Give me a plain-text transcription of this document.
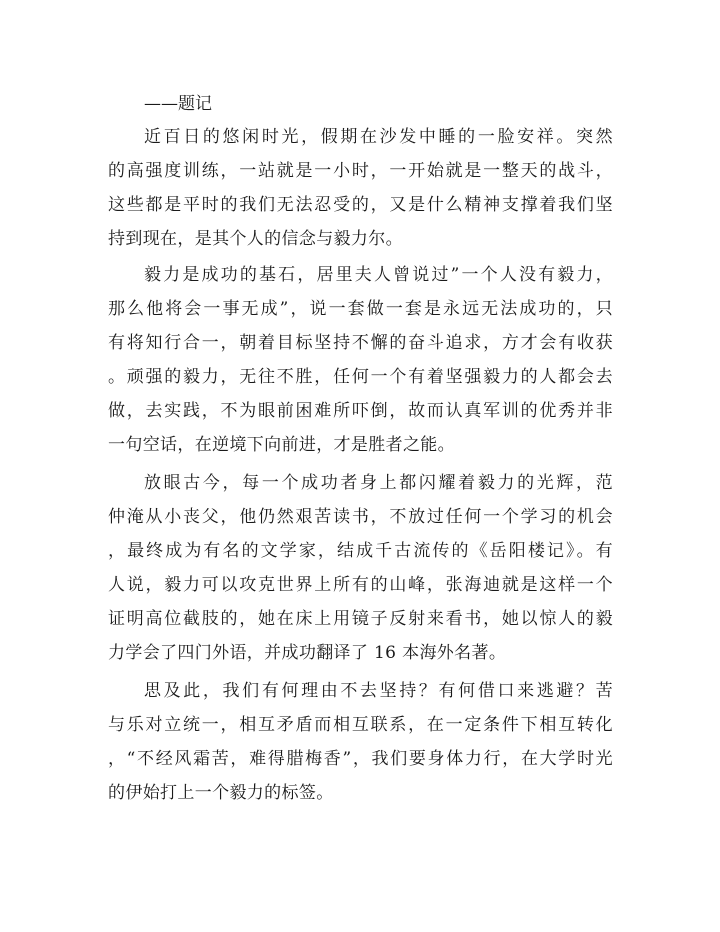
——题记
近百日的悠闲时光，假期在沙发中睡的一脸安祥。突然
的高强度训练，一站就是一小时，一开始就是一整天的战斗，
这些都是平时的我们无法忍受的，又是什么精神支撑着我们坚
持到现在，是其个人的信念与毅力尔。
毅力是成功的基石，居里夫人曾说过”一个人没有毅力，
那么他将会一事无成”，说一套做一套是永远无法成功的，只
有将知行合一，朝着目标坚持不懈的奋斗追求，方才会有收获
。顽强的毅力，无往不胜，任何一个有着坚强毅力的人都会去
做，去实践，不为眼前困难所吓倒，故而认真军训的优秀并非
一句空话，在逆境下向前进，才是胜者之能。
放眼古今，每一个成功者身上都闪耀着毅力的光辉，范
仲淹从小丧父，他仍然艰苦读书，不放过任何一个学习的机会
，最终成为有名的文学家，结成千古流传的《岳阳楼记》。有
人说，毅力可以攻克世界上所有的山峰，张海迪就是这样一个
证明高位截肢的，她在床上用镜子反射来看书，她以惊人的毅
力学会了四门外语，并成功翻译了 16 本海外名著。
思及此，我们有何理由不去坚持？有何借口来逃避？苦
与乐对立统一，相互矛盾而相互联系，在一定条件下相互转化
，“不经风霜苦，难得腊梅香”，我们要身体力行，在大学时光
的伊始打上一个毅力的标签。
